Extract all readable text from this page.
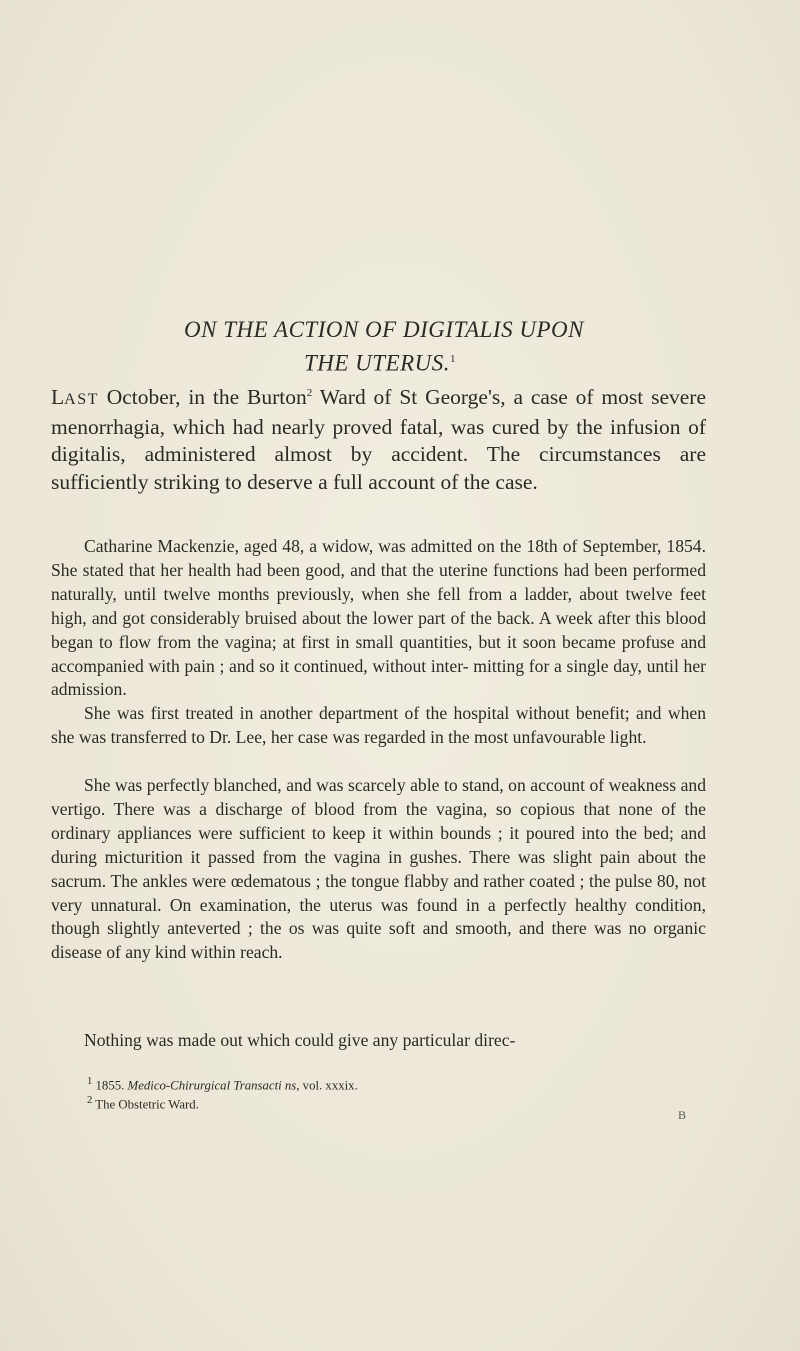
ON THE ACTION OF DIGITALIS UPON
THE UTERUS.$^1$
LAST October, in the Burton$^2$ Ward of St George's, a case of most severe menorrhagia, which had nearly proved fatal, was cured by the infusion of digitalis, administered almost by accident. The circumstances are sufficiently striking to deserve a full account of the case.

Catharine Mackenzie, aged 48, a widow, was admitted on the 18th of September, 1854. She stated that her health had been good, and that the uterine functions had been performed naturally, until twelve months previously, when she fell from a ladder, about twelve feet high, and got considerably bruised about the lower part of the back. A week after this blood began to flow from the vagina; at first in small quantities, but it soon became profuse and accompanied with pain ; and so it continued, without inter- mitting for a single day, until her admission.

She was first treated in another department of the hospital without benefit; and when she was transferred to Dr. Lee, her case was regarded in the most unfavourable light.

She was perfectly blanched, and was scarcely able to stand, on account of weakness and vertigo. There was a discharge of blood from the vagina, so copious that none of the ordinary appliances were sufficient to keep it within bounds ; it poured into the bed; and during micturition it passed from the vagina in gushes. There was slight pain about the sacrum. The ankles were œdematous ; the tongue flabby and rather coated ; the pulse 80, not very unnatural. On examination, the uterus was found in a perfectly healthy condition, though slightly anteverted ; the os was quite soft and smooth, and there was no organic disease of any kind within reach.

Nothing was made out which could give any particular direc-

$^1$ 1855. Medico-Chirurgical Transacti ns, vol. xxxix.
$^2$ The Obstetric Ward.
B
